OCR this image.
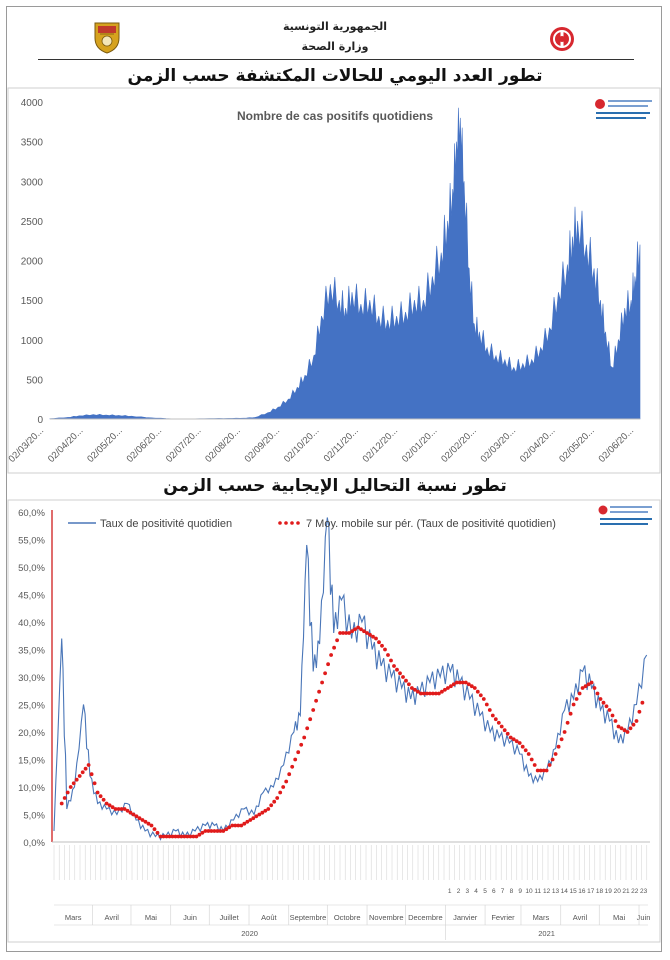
الجمهورية التونسية
وزارة الصحة
تطور العدد اليومي للحالات المكتشفة حسب الزمن
تطور نسبة التحاليل الإيجابية حسب الزمن
0
500
1000
1500
2000
2500
3000
3500
4000
02/03/20... 02/04/20... 02/05/20... 02/06/20... 02/07/20... 02/08/20... 02/09/20... 02/10/20... 02/11/20... 02/12/20... 02/01/20... 02/02/20... 02/03/20... 02/04/20... 02/05/20... 02/06/20...
Nombre de cas positifs quotidiens
0,0%
5,0%
10,0%
15,0%
20,0%
25,0%
30,0%
35,0%
40,0%
45,0%
50,0%
55,0%
60,0%
Taux de positivité quotidien	7 Moy. mobile sur pér. (Taux de positivité quotidien)
Mars	Avril	Mai	Juin	Juillet	Août Septembre Octobre Novembre Decembre Janvier Fevrier Mars	Avril	Mai Juin
2020	2021
1 2 3 4 5 6 7 8 9 10 11 12 13 14 15 16 17 18 19 20 21 22 23
